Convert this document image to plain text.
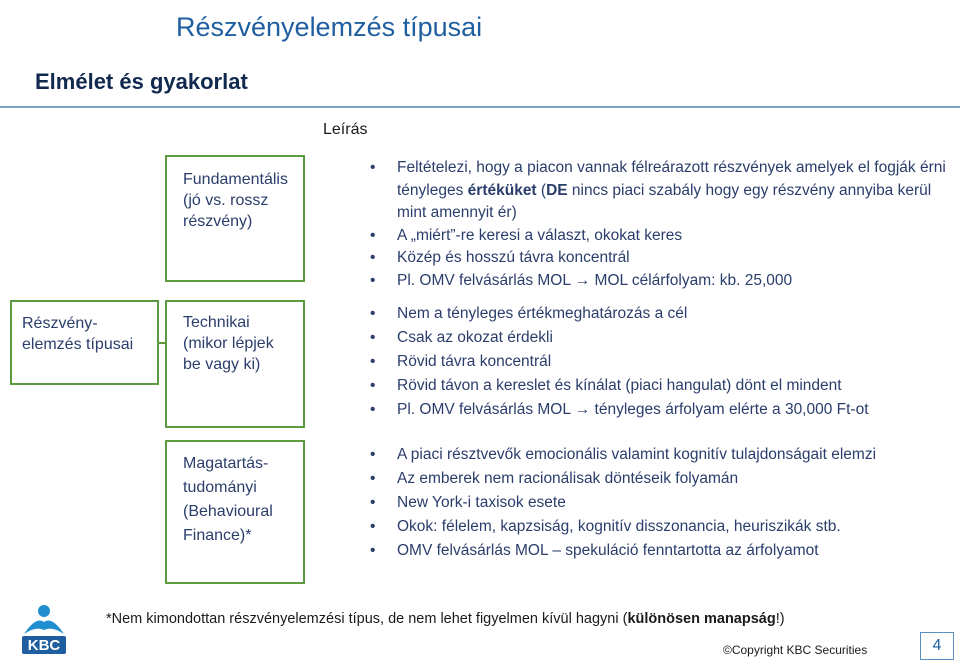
Részvényelemzés típusai
Elmélet és gyakorlat
Leírás
Részvény-
elemzés típusai
Fundamentális
(jó vs. rossz
részvény)
• Feltételezi, hogy a piacon vannak félreárazott részvények amelyek el fogják érni tényleges értéküket (DE nincs piaci szabály hogy egy részvény annyiba kerül mint amennyit ér)
• A „miért”-re keresi a választ, okokat keres
• Közép és hosszú távra koncentrál
• Pl. OMV felvásárlás MOL → MOL célárfolyam: kb. 25,000
Technikai
(mikor lépjek
be vagy ki)
• Nem a tényleges értékmeghatározás a cél
• Csak az okozat érdekli
• Rövid távra koncentrál
• Rövid távon a kereslet és kínálat (piaci hangulat) dönt el mindent
• Pl. OMV felvásárlás MOL → tényleges árfolyam elérte a 30,000 Ft-ot
Magatartás-
tudományi
(Behavioural
Finance)*
• A piaci résztvevők emocionális valamint kognitív tulajdonságait elemzi
• Az emberek nem racionálisak döntéseik folyamán
• New York-i taxisok esete
• Okok: félelem, kapzsiság, kognitív disszonancia, heuriszikák stb.
• OMV felvásárlás MOL – spekuláció fenntartotta az árfolyamot
KBC
*Nem kimondottan részvényelemzési típus, de nem lehet figyelmen kívül hagyni (különösen manapság!)
©Copyright KBC Securities	4
